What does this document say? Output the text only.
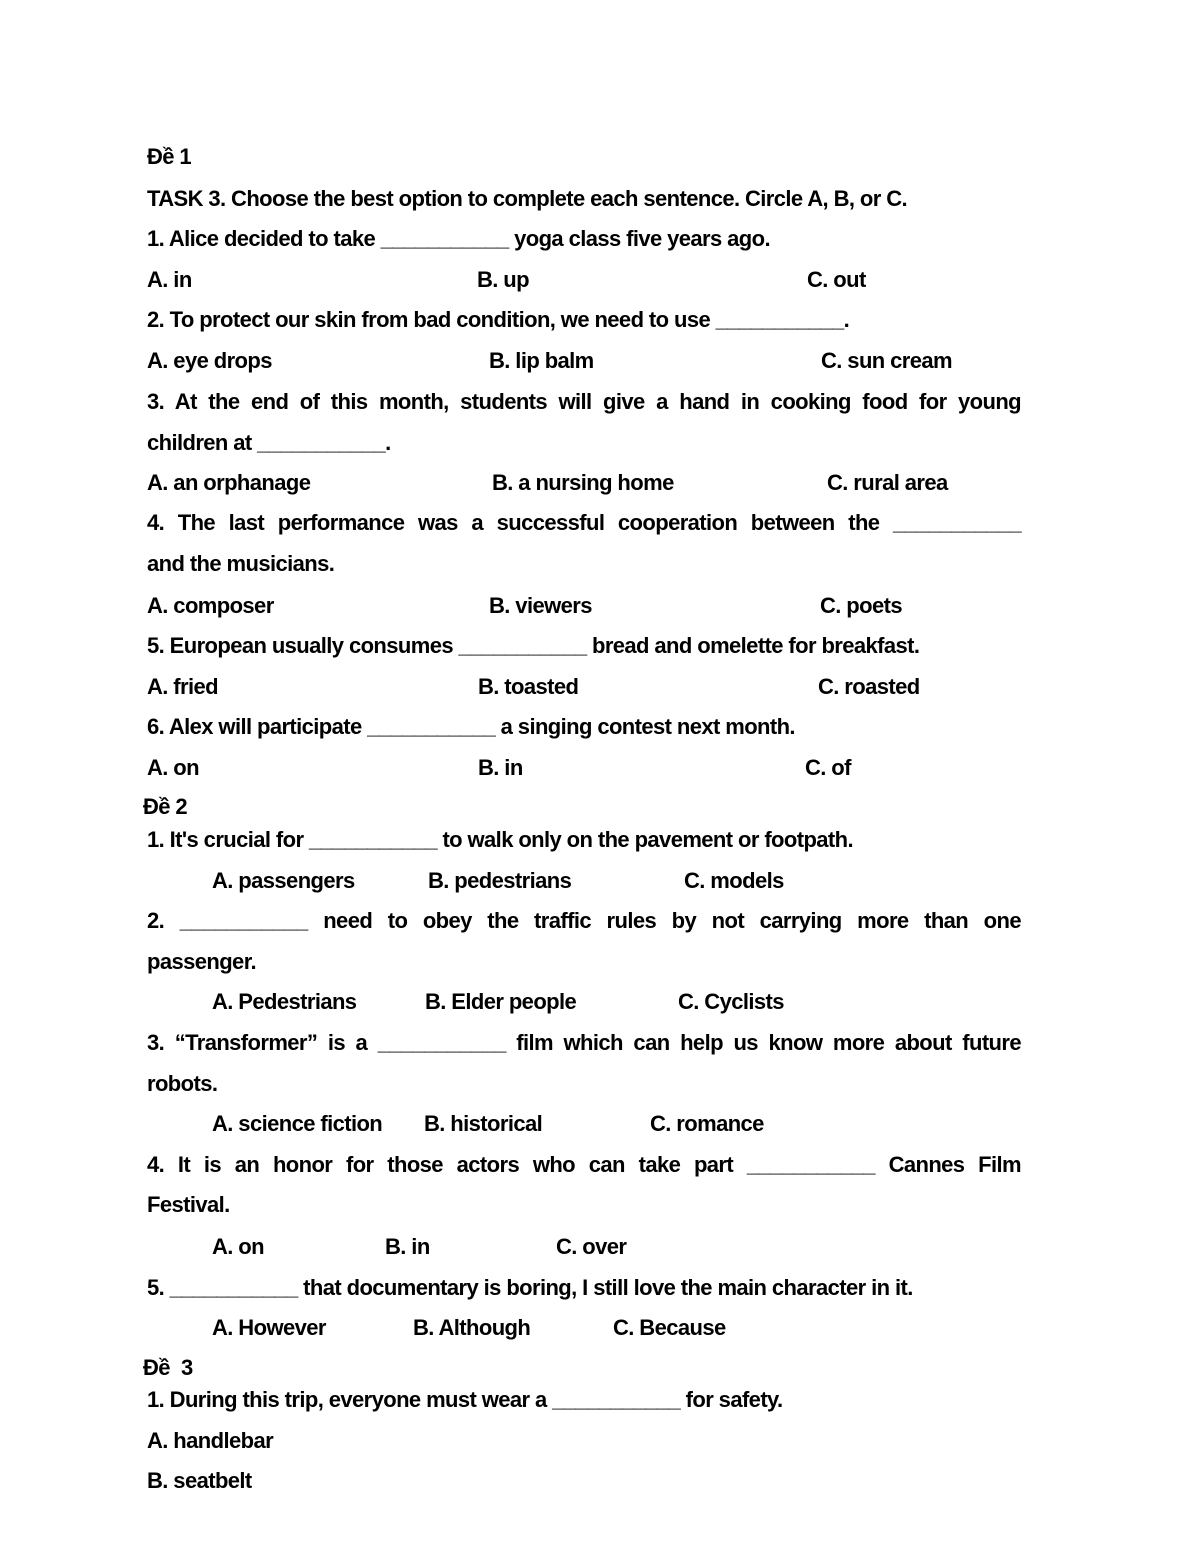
Đề 1
TASK 3. Choose the best option to complete each sentence. Circle A, B, or C.
1. Alice decided to take ___________ yoga class five years ago.
A. in	B. up	C. out
2. To protect our skin from bad condition, we need to use ___________.
A. eye drops	B. lip balm	C. sun cream
3. At the end of this month, students will give a hand in cooking food for young
children at ___________.
A. an orphanage	B. a nursing home	C. rural area
4. The last performance was a successful cooperation between the ___________
and the musicians.
A. composer	B. viewers	C. poets
5. European usually consumes ___________ bread and omelette for breakfast.
A. fried	B. toasted	C. roasted
6. Alex will participate ___________ a singing contest next month.
A. on	B. in	C. of
Đề 2
1. It's crucial for ___________ to walk only on the pavement or footpath.
A. passengers	B. pedestrians	C. models
2. ___________ need to obey the traffic rules by not carrying more than one
passenger.
A. Pedestrians	B. Elder people	C. Cyclists
3. “Transformer” is a ___________ film which can help us know more about future
robots.
A. science fiction B. historical	C. romance
4. It is an honor for those actors who can take part ___________ Cannes Film
Festival.
A. on	B. in	C. over
5. ___________ that documentary is boring, I still love the main character in it.
A. However	B. Although	C. Because
Đề  3
1. During this trip, everyone must wear a ___________ for safety.
A. handlebar
B. seatbelt
